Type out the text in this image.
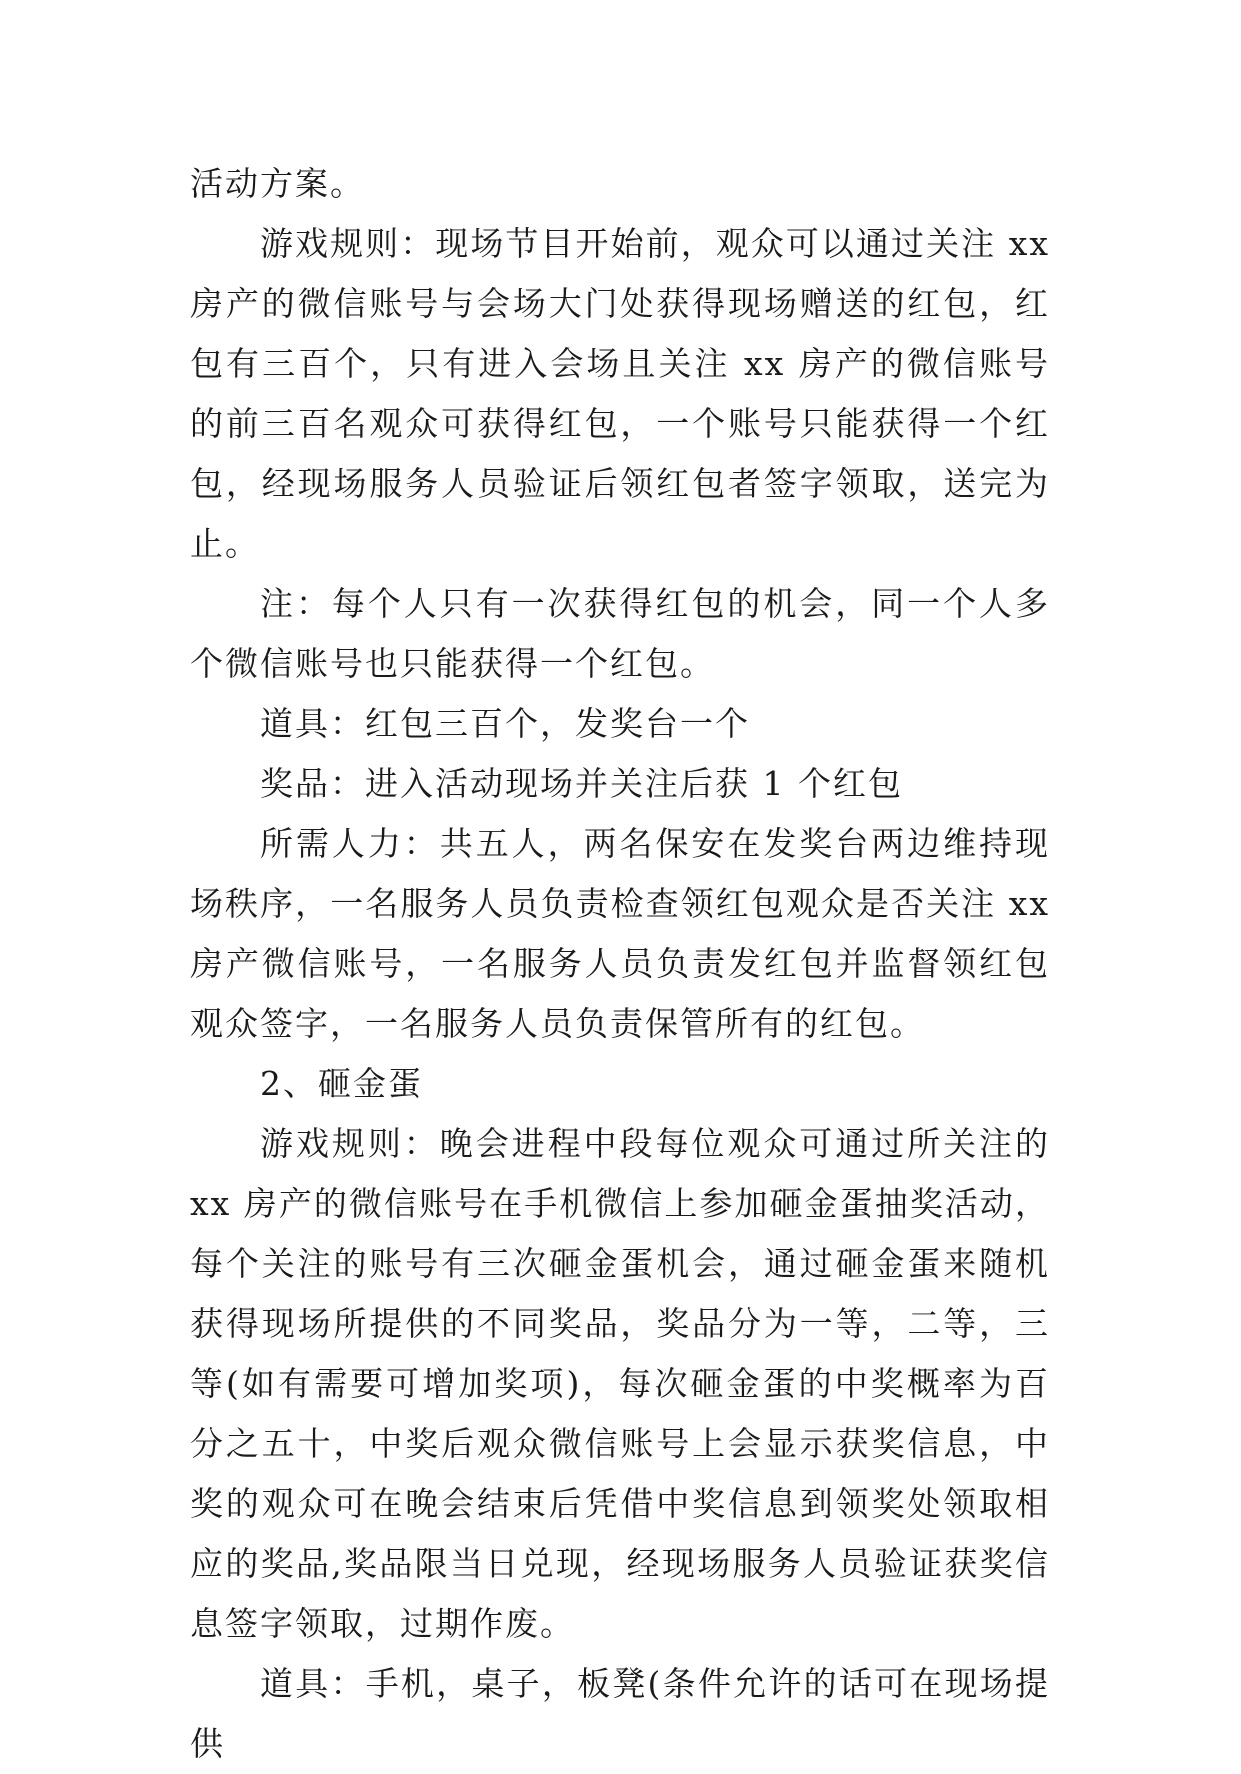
活动方案。

游戏规则：现场节目开始前，观众可以通过关注 xx 房产的微信账号与会场大门处获得现场赠送的红包，红包有三百个，只有进入会场且关注 xx 房产的微信账号的前三百名观众可获得红包，一个账号只能获得一个红包，经现场服务人员验证后领红包者签字领取，送完为止。

注：每个人只有一次获得红包的机会，同一个人多个微信账号也只能获得一个红包。

道具：红包三百个，发奖台一个

奖品：进入活动现场并关注后获 1 个红包

所需人力：共五人，两名保安在发奖台两边维持现场秩序，一名服务人员负责检查领红包观众是否关注 xx 房产微信账号，一名服务人员负责发红包并监督领红包观众签字，一名服务人员负责保管所有的红包。

2、砸金蛋

游戏规则：晚会进程中段每位观众可通过所关注的 xx 房产的微信账号在手机微信上参加砸金蛋抽奖活动，每个关注的账号有三次砸金蛋机会，通过砸金蛋来随机获得现场所提供的不同奖品，奖品分为一等，二等，三等(如有需要可增加奖项)，每次砸金蛋的中奖概率为百分之五十，中奖后观众微信账号上会显示获奖信息，中奖的观众可在晚会结束后凭借中奖信息到领奖处领取相应的奖品,奖品限当日兑现，经现场服务人员验证获奖信息签字领取，过期作废。

道具：手机，桌子，板凳(条件允许的话可在现场提供
